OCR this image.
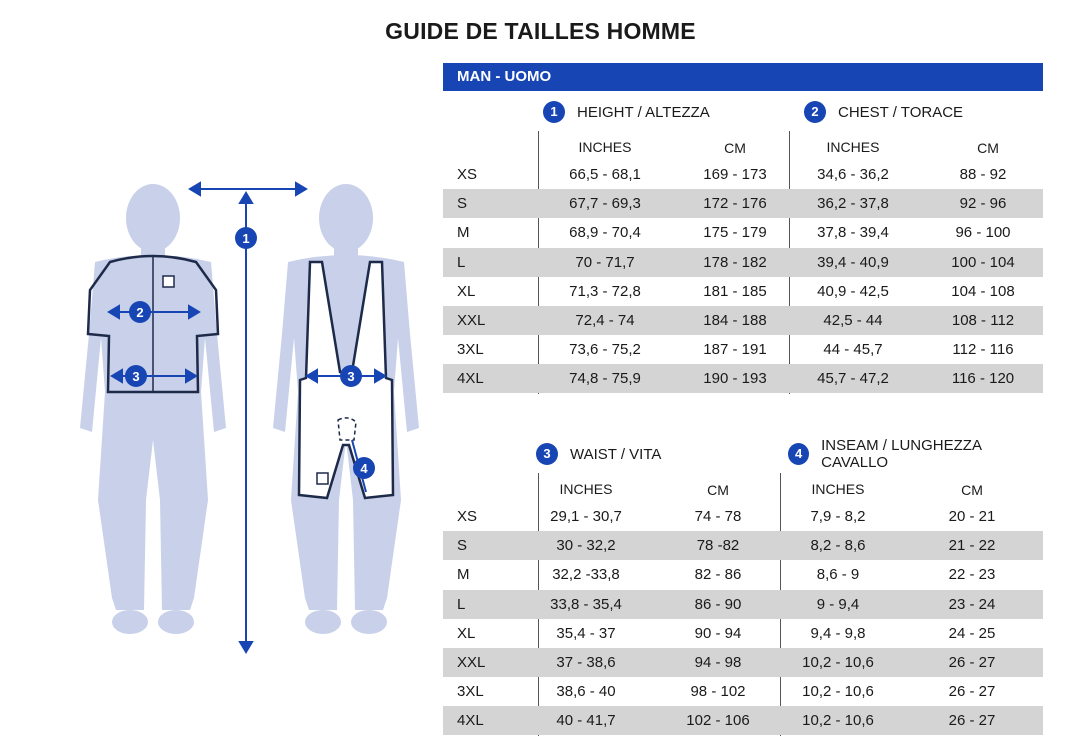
GUIDE DE TAILLES HOMME
1
2
3	3
4
MAN - UOMO
1	HEIGHT / ALTEZZA	2	CHEST / TORACE
INCHES	CM	INCHES	CM
XS	66,5 - 68,1	169 - 173	34,6 - 36,2	88 - 92
S	67,7 - 69,3	172 - 176	36,2 - 37,8	92 - 96
M	68,9 - 70,4	175 - 179	37,8 - 39,4	96 - 100
L	70 - 71,7	178 - 182	39,4 - 40,9	100 - 104
XL	71,3 - 72,8	181 - 185	40,9 - 42,5	104 - 108
XXL	72,4 - 74	184 - 188	42,5 - 44	108 - 112
3XL	73,6 - 75,2	187 - 191	44 - 45,7	112 - 116
4XL	74,8 - 75,9	190 - 193	45,7 - 47,2	116 - 120
3	WAIST / VITA	4	INSEAM / LUNGHEZZA CAVALLO
INCHES	CM	INCHES	CM
XS	29,1 - 30,7	74 - 78	7,9 - 8,2	20 - 21
S	30 - 32,2	78 -82	8,2 - 8,6	21 - 22
M	32,2 -33,8	82 - 86	8,6 - 9	22 - 23
L	33,8 - 35,4	86 - 90	9 - 9,4	23 - 24
XL	35,4 - 37	90 - 94	9,4 - 9,8	24 - 25
XXL	37 - 38,6	94 - 98	10,2 - 10,6	26 - 27
3XL	38,6 - 40	98 - 102	10,2 - 10,6	26 - 27
4XL	40 - 41,7	102 - 106	10,2 - 10,6	26 - 27
